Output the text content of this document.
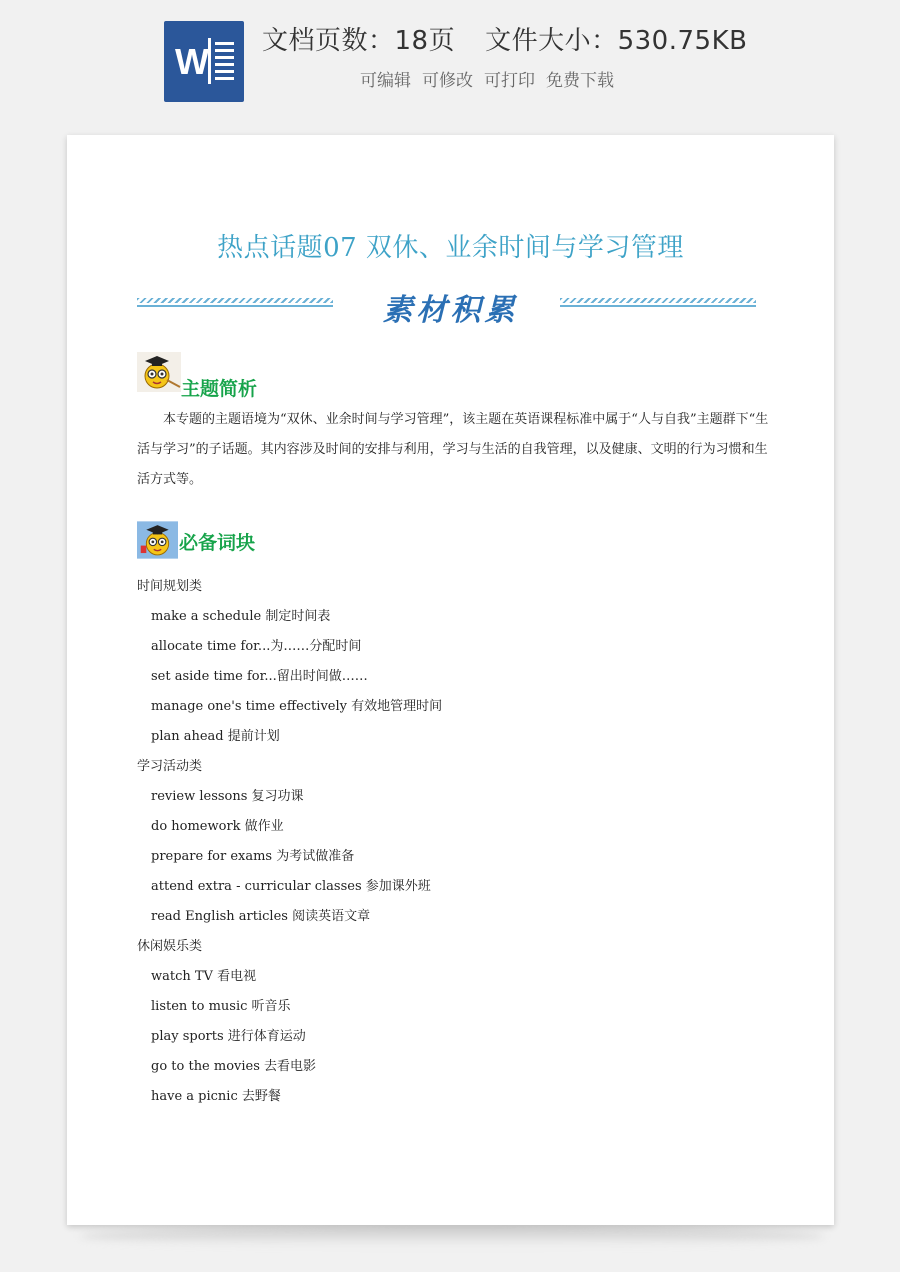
W 文档页数：18页 文件大小：530.75KB
可编辑 可修改 可打印 免费下载
热点话题07 双休、业余时间与学习管理
素材积累
主题简析
本专题的主题语境为“双休、业余时间与学习管理”，该主题在英语课程标准中属于“人与自我”主题群下“生活与学习”的子话题。其内容涉及时间的安排与利用，学习与生活的自我管理，以及健康、文明的行为习惯和生活方式等。
必备词块
时间规划类
make a schedule 制定时间表
allocate time for...为……分配时间
set aside time for...留出时间做……
manage one's time effectively 有效地管理时间
plan ahead 提前计划
学习活动类
review lessons 复习功课
do homework 做作业
prepare for exams 为考试做准备
attend extra - curricular classes 参加课外班
read English articles 阅读英语文章
休闲娱乐类
watch TV 看电视
listen to music 听音乐
play sports 进行体育运动
go to the movies 去看电影
have a picnic 去野餐
